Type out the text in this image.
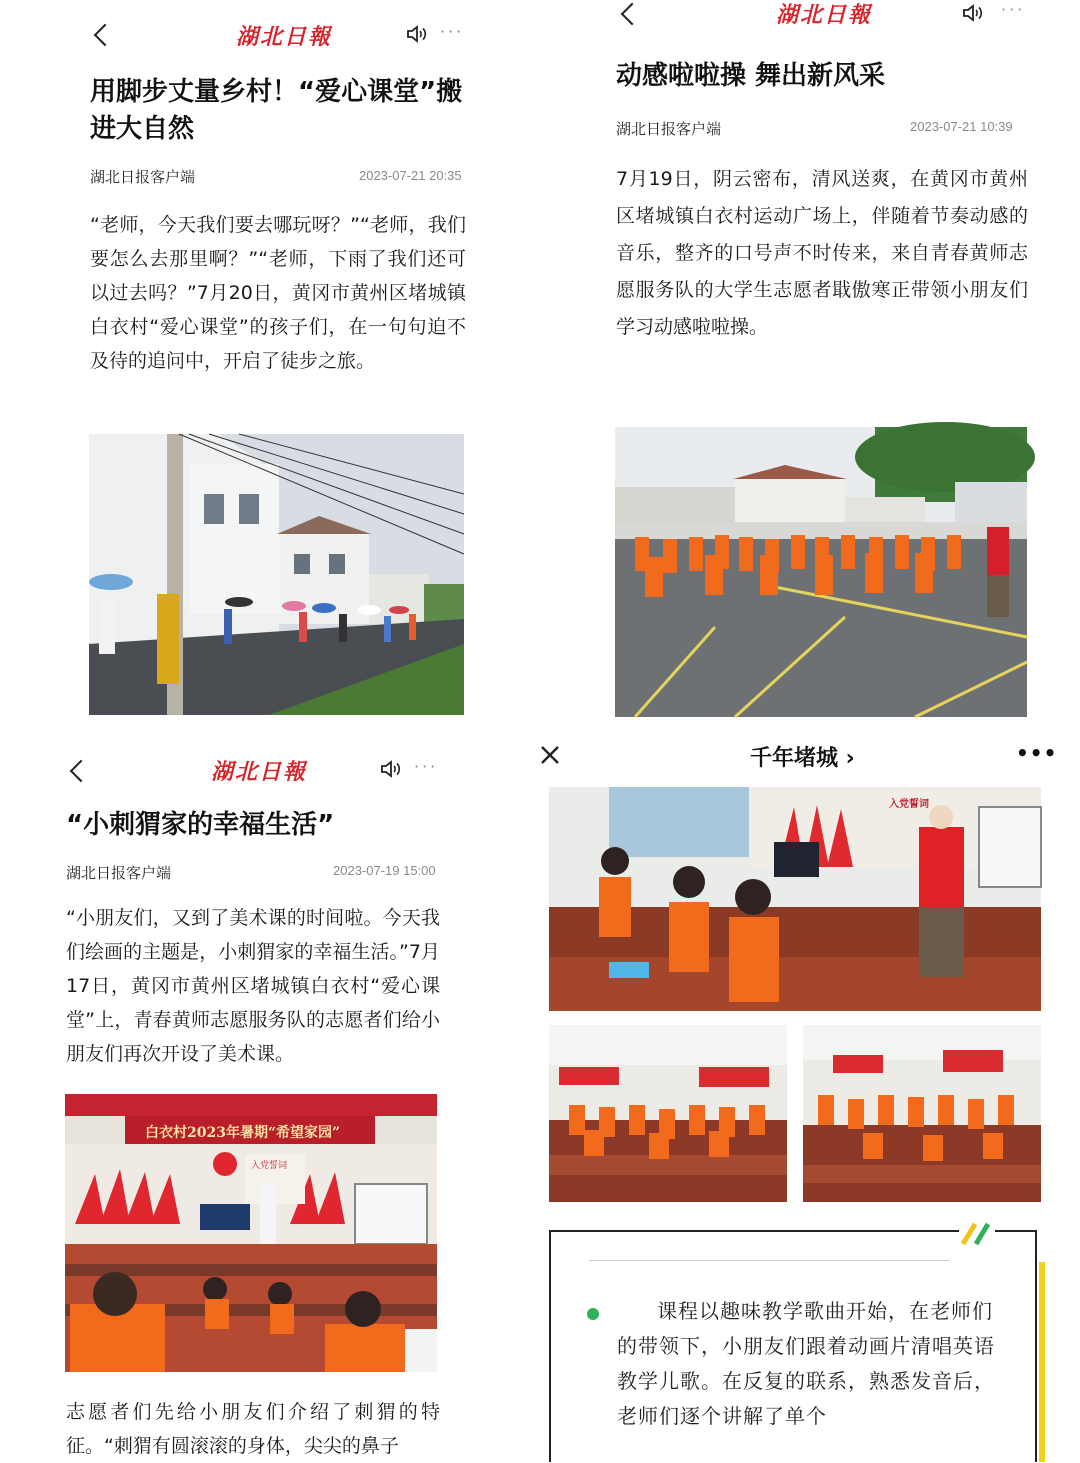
湖北日報	···
用脚步丈量乡村！“爱心课堂”搬进大自然
湖北日报客户端	2023-07-21 20:35
“老师，今天我们要去哪玩呀？”“老师，我们要怎么去那里啊？”“老师，下雨了我们还可以过去吗？”7月20日，黄冈市黄州区堵城镇白衣村“爱心课堂”的孩子们，在一句句迫不及待的追问中，开启了徒步之旅。
湖北日報	···
动感啦啦操 舞出新风采
湖北日报客户端	2023-07-21 10:39
7月19日，阴云密布，清风送爽，在黄冈市黄州区堵城镇白衣村运动广场上，伴随着节奏动感的音乐，整齐的口号声不时传来，来自青春黄师志愿服务队的大学生志愿者戢傲寒正带领小朋友们学习动感啦啦操。
湖北日報	···
“小刺猬家的幸福生活”
湖北日报客户端	2023-07-19 15:00
“小朋友们，又到了美术课的时间啦。今天我们绘画的主题是，小刺猬家的幸福生活。”7月17日，黄冈市黄州区堵城镇白衣村“爱心课堂”上，青春黄师志愿服务队的志愿者们给小朋友们再次开设了美术课。
白衣村2023年暑期“希望家园”
入党誓词
志愿者们先给小朋友们介绍了刺猬的特征。“刺猬有圆滚滚的身体，尖尖的鼻子
千年堵城 ›	•••
入党誓词
课程以趣味教学歌曲开始，在老师们的带领下，小朋友们跟着动画片清唱英语教学儿歌。在反复的联系，熟悉发音后，老师们逐个讲解了单个
